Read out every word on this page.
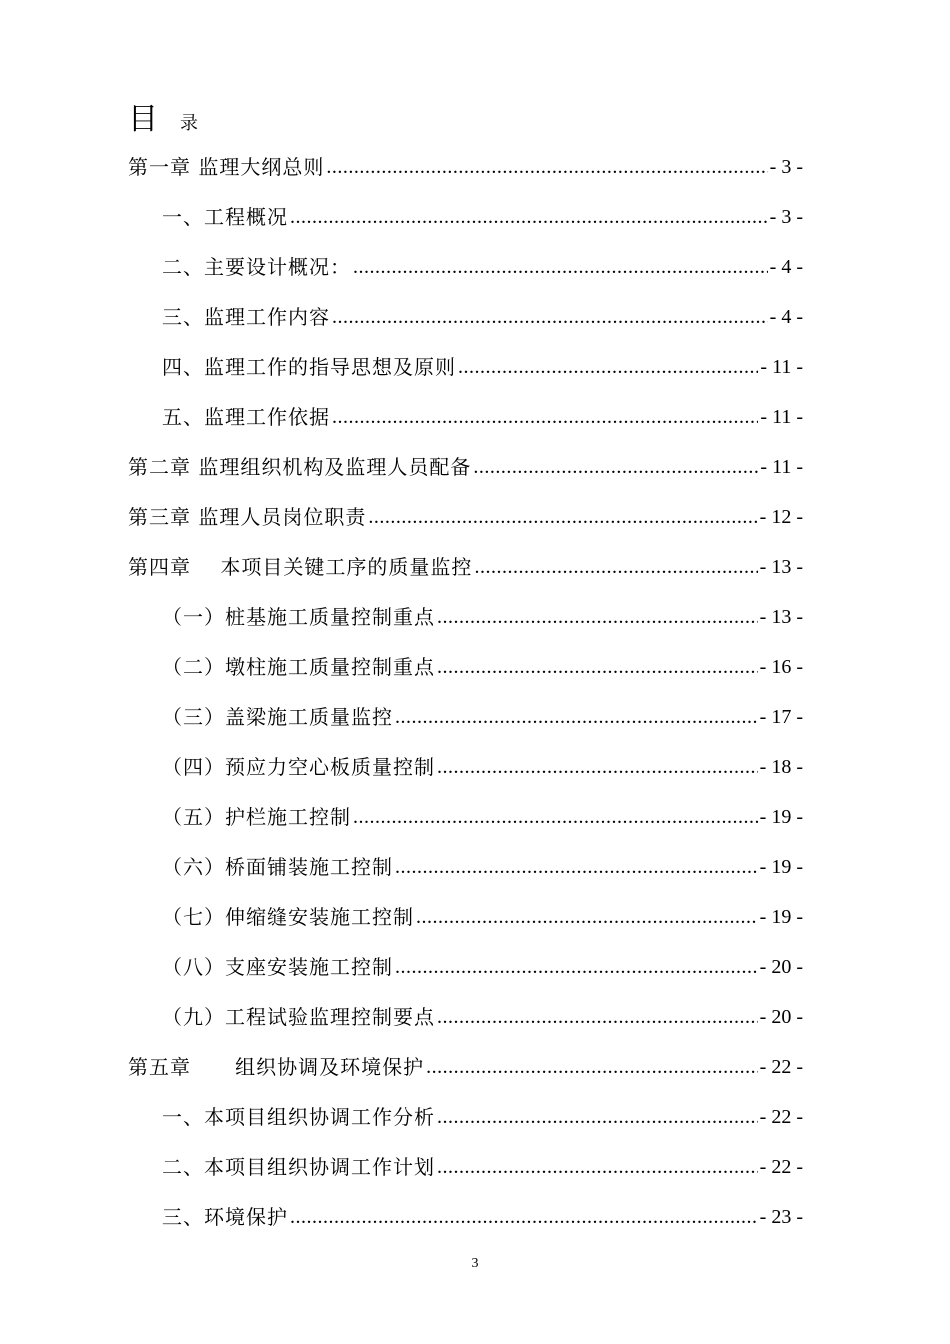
目 录
第一章 监理大纲总则 .....	- 3 -
一、工程概况 .....	- 3 -
二、主要设计概况： .....	- 4 -
三、监理工作内容 .....	- 4 -
四、监理工作的指导思想及原则 .....	- 11 -
五、监理工作依据 .....	- 11 -
第二章 监理组织机构及监理人员配备 .....	- 11 -
第三章 监理人员岗位职责 .....	- 12 -
第四章    本项目关键工序的质量监控 .....	- 13 -
（一）桩基施工质量控制重点 .....	- 13 -
（二）墩柱施工质量控制重点 .....	- 16 -
（三）盖梁施工质量监控 .....	- 17 -
（四）预应力空心板质量控制 .....	- 18 -
（五）护栏施工控制 .....	- 19 -
（六）桥面铺装施工控制 .....	- 19 -
（七）伸缩缝安装施工控制 .....	- 19 -
（八）支座安装施工控制 .....	- 20 -
（九）工程试验监理控制要点 .....	- 20 -
第五章      组织协调及环境保护 .....	- 22 -
一、本项目组织协调工作分析 .....	- 22 -
二、本项目组织协调工作计划 .....	- 22 -
三、环境保护 .....	- 23 -
3
